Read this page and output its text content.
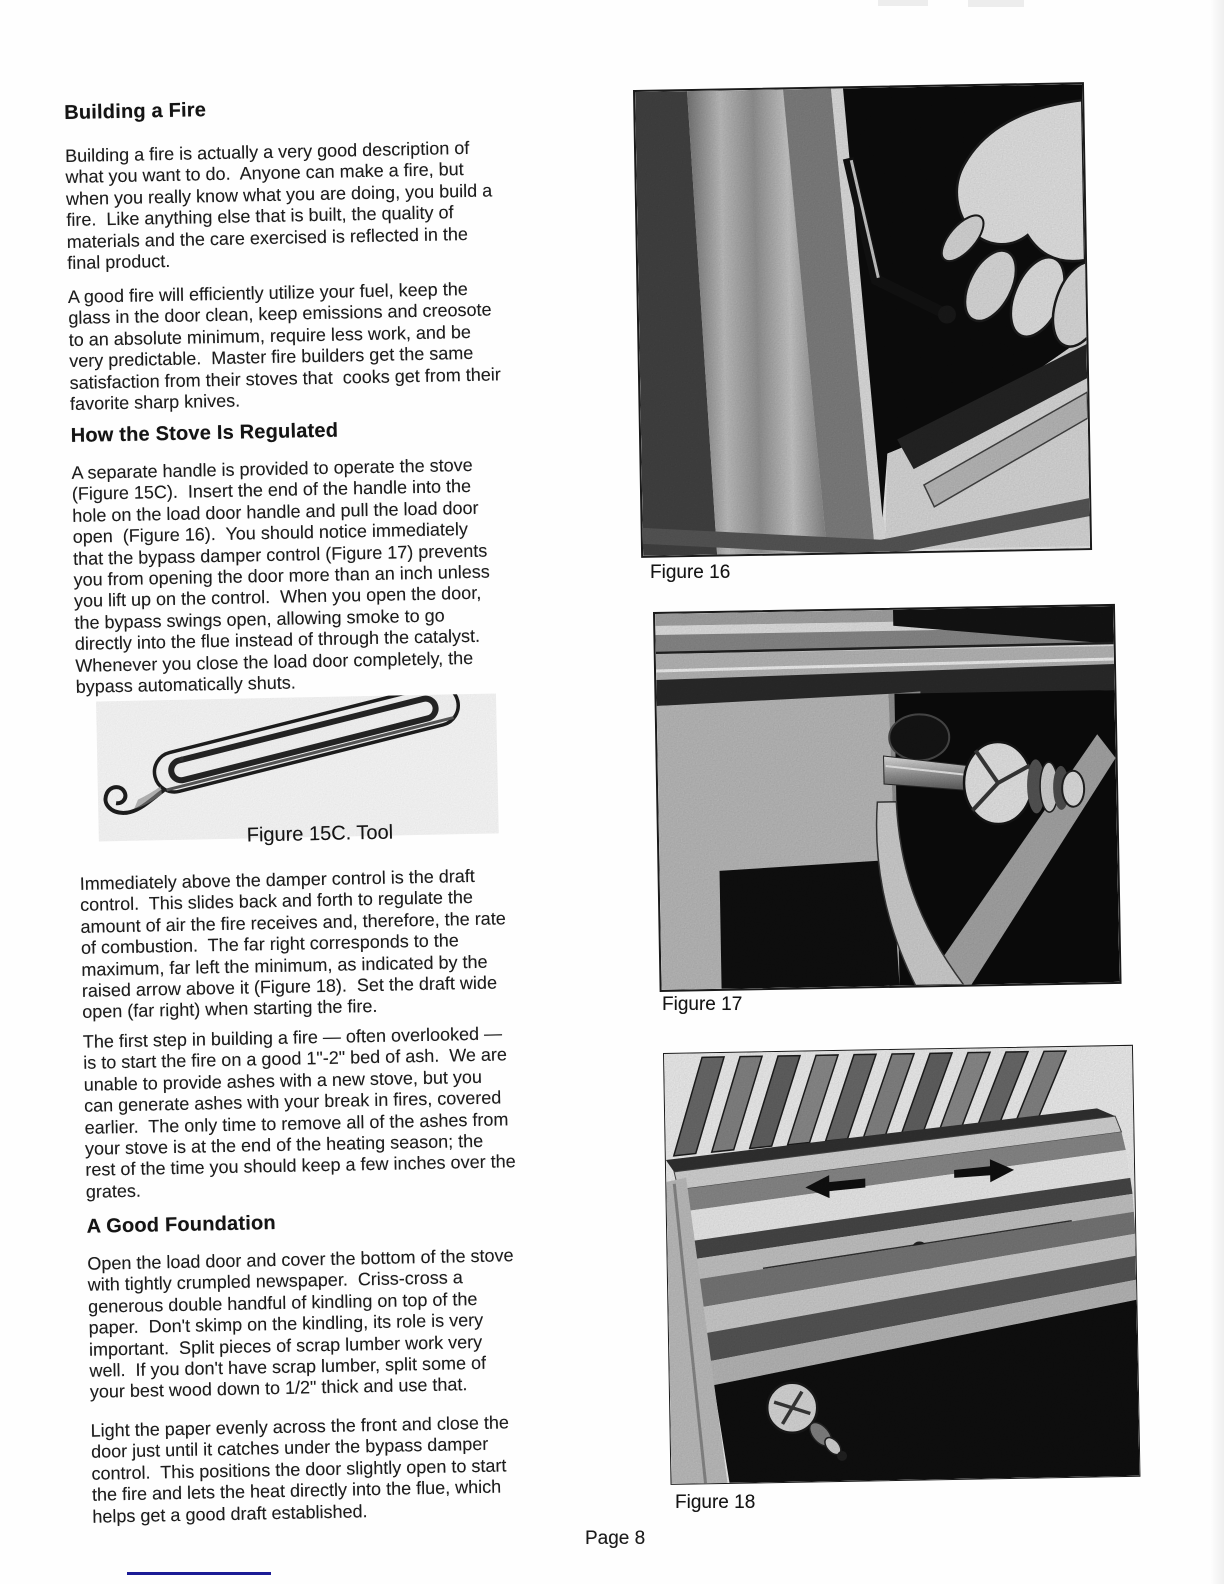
Building a Fire

Building a fire is actually a very good description of
what you want to do.  Anyone can make a fire, but
when you really know what you are doing, you build a
fire.  Like anything else that is built, the quality of
materials and the care exercised is reflected in the
final product.

A good fire will efficiently utilize your fuel, keep the
glass in the door clean, keep emissions and creosote
to an absolute minimum, require less work, and be
very predictable.  Master fire builders get the same
satisfaction from their stoves that  cooks get from their
favorite sharp knives.

How the Stove Is Regulated

A separate handle is provided to operate the stove
(Figure 15C).  Insert the end of the handle into the
hole on the load door handle and pull the load door
open  (Figure 16).  You should notice immediately
that the bypass damper control (Figure 17) prevents
you from opening the door more than an inch unless
you lift up on the control.  When you open the door,
the bypass swings open, allowing smoke to go
directly into the flue instead of through the catalyst.
Whenever you close the load door completely, the
bypass automatically shuts.

Figure 15C. Tool

Immediately above the damper control is the draft
control.  This slides back and forth to regulate the
amount of air the fire receives and, therefore, the rate
of combustion.  The far right corresponds to the
maximum, far left the minimum, as indicated by the
raised arrow above it (Figure 18).  Set the draft wide
open (far right) when starting the fire.

The first step in building a fire — often overlooked —
is to start the fire on a good 1"-2" bed of ash.  We are
unable to provide ashes with a new stove, but you
can generate ashes with your break in fires, covered
earlier.  The only time to remove all of the ashes from
your stove is at the end of the heating season; the
rest of the time you should keep a few inches over the
grates.

A Good Foundation

Open the load door and cover the bottom of the stove
with tightly crumpled newspaper.  Criss-cross a
generous double handful of kindling on top of the
paper.  Don't skimp on the kindling, its role is very
important.  Split pieces of scrap lumber work very
well.  If you don't have scrap lumber, split some of
your best wood down to 1/2" thick and use that.

Light the paper evenly across the front and close the
door just until it catches under the bypass damper
control.  This positions the door slightly open to start
the fire and lets the heat directly into the flue, which
helps get a good draft established.

Figure 16
Figure 17
Figure 18
Page 8
